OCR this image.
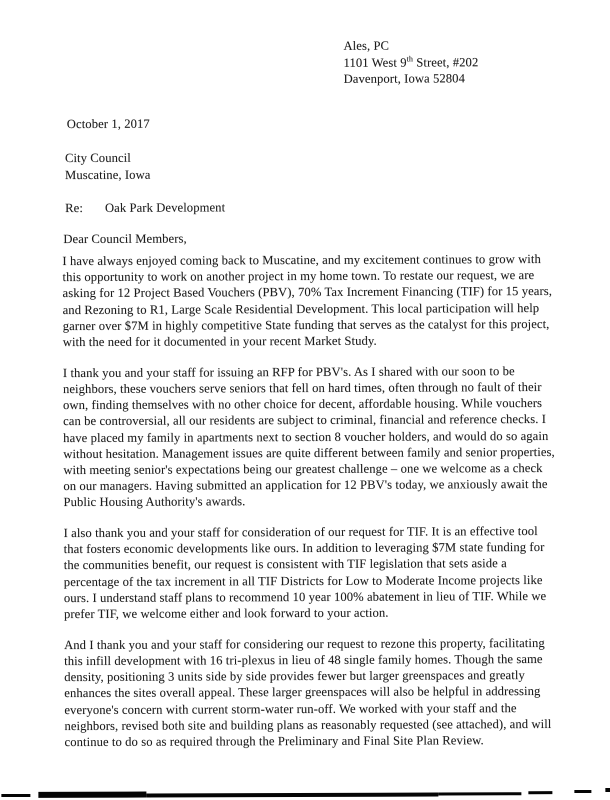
Ales, PC
1101 West 9th Street, #202
Davenport, Iowa 52804
October 1, 2017
City Council
Muscatine, Iowa
Re: Oak Park Development
Dear Council Members,

I have always enjoyed coming back to Muscatine, and my excitement continues to grow with this opportunity to work on another project in my home town. To restate our request, we are asking for 12 Project Based Vouchers (PBV), 70% Tax Increment Financing (TIF) for 15 years, and Rezoning to R1, Large Scale Residential Development. This local participation will help garner over $7M in highly competitive State funding that serves as the catalyst for this project, with the need for it documented in your recent Market Study.

I thank you and your staff for issuing an RFP for PBV's. As I shared with our soon to be neighbors, these vouchers serve seniors that fell on hard times, often through no fault of their own, finding themselves with no other choice for decent, affordable housing. While vouchers can be controversial, all our residents are subject to criminal, financial and reference checks. I have placed my family in apartments next to section 8 voucher holders, and would do so again without hesitation. Management issues are quite different between family and senior properties, with meeting senior's expectations being our greatest challenge – one we welcome as a check on our managers. Having submitted an application for 12 PBV's today, we anxiously await the Public Housing Authority's awards.

I also thank you and your staff for consideration of our request for TIF. It is an effective tool that fosters economic developments like ours. In addition to leveraging $7M state funding for the communities benefit, our request is consistent with TIF legislation that sets aside a percentage of the tax increment in all TIF Districts for Low to Moderate Income projects like ours. I understand staff plans to recommend 10 year 100% abatement in lieu of TIF. While we prefer TIF, we welcome either and look forward to your action.

And I thank you and your staff for considering our request to rezone this property, facilitating this infill development with 16 tri-plexus in lieu of 48 single family homes. Though the same density, positioning 3 units side by side provides fewer but larger greenspaces and greatly enhances the sites overall appeal. These larger greenspaces will also be helpful in addressing everyone's concern with current storm-water run-off. We worked with your staff and the neighbors, revised both site and building plans as reasonably requested (see attached), and will continue to do so as required through the Preliminary and Final Site Plan Review.
